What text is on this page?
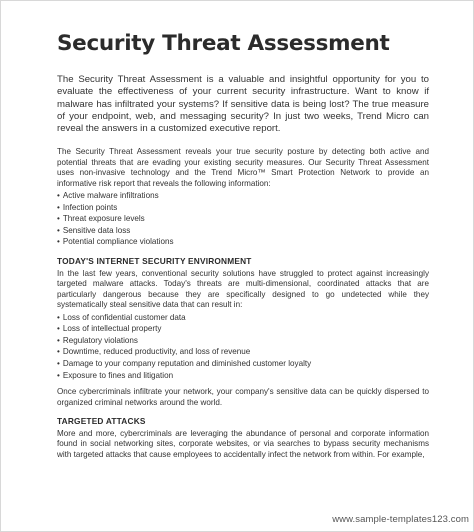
Security Threat Assessment

The Security Threat Assessment is a valuable and insightful opportunity for you to evaluate the effectiveness of your current security infrastructure. Want to know if malware has infiltrated your systems? If sensitive data is being lost? The true measure of your endpoint, web, and messaging security? In just two weeks, Trend Micro can reveal the answers in a customized executive report.

The Security Threat Assessment reveals your true security posture by detecting both active and potential threats that are evading your existing security measures. Our Security Threat Assessment uses non-invasive technology and the Trend Micro™ Smart Protection Network to provide an informative risk report that reveals the following information:

• Active malware infiltrations
• Infection points
• Threat exposure levels
• Sensitive data loss
• Potential compliance violations
TODAY'S INTERNET SECURITY ENVIRONMENT

In the last few years, conventional security solutions have struggled to protect against increasingly targeted malware attacks. Today's threats are multi-dimensional, coordinated attacks that are particularly dangerous because they are specifically designed to go undetected while they systematically steal sensitive data that can result in:

• Loss of confidential customer data
• Loss of intellectual property
• Regulatory violations
• Downtime, reduced productivity, and loss of revenue
• Damage to your company reputation and diminished customer loyalty
• Exposure to fines and litigation

Once cybercriminals infiltrate your network, your company's sensitive data can be quickly dispersed to organized criminal networks around the world.

TARGETED ATTACKS

More and more, cybercriminals are leveraging the abundance of personal and corporate information found in social networking sites, corporate websites, or via searches to bypass security mechanisms with targeted attacks that cause employees to accidentally infect the network from within. For example,

www.sample-templates123.com
